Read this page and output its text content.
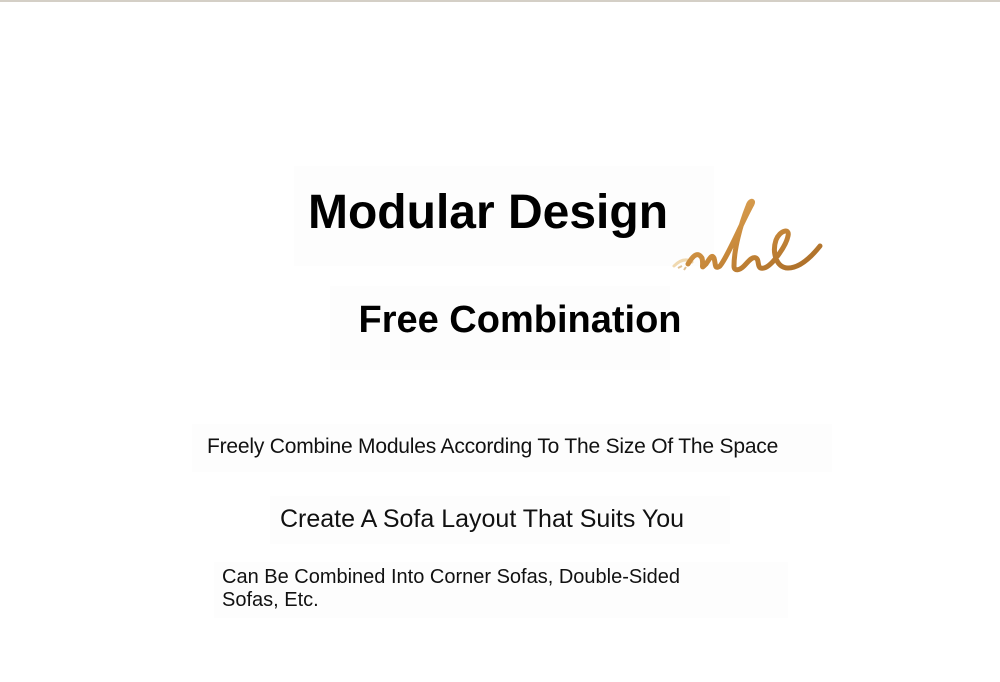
Modular Design
Free Combination

Freely Combine Modules According To The Size Of The Space

Create A Sofa Layout That Suits You

Can Be Combined Into Corner Sofas, Double-Sided Sofas, Etc.
